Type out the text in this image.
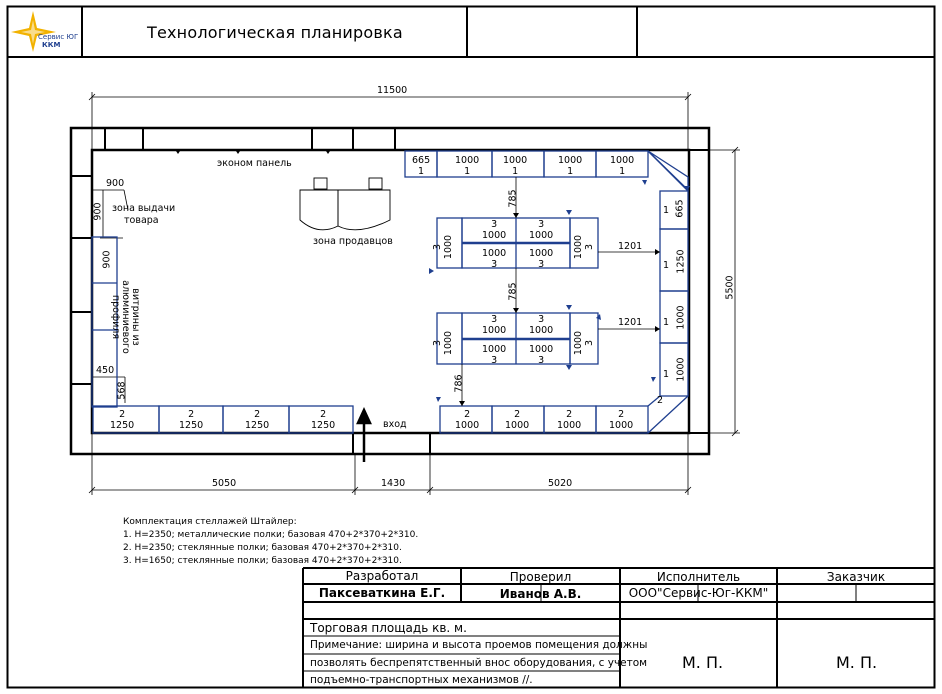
Сервис ЮГ
ККМ
Технологическая планировка
11500
5500
5050	1430	5020
900
900
900
450
568
785
785
786
1201
1201
эконом панель
зона выдачи
товара
зона продавцов
вход
витрины из алюминиевого профиля
665
1
1000
1
1000
1
1000
1
1000
1
665
1
1250
1
1000
1
1000
1
2
2
1250
2
1250
2
1250
2
1250
2
1000
2
1000
2
1000
2
1000
3
1000
3
1000
1000
3
1000
3
3
1000	1000
3
3
1000
3
1000
1000
3
1000
3
3
1000	1000
3
Комплектация стеллажей Штайлер:
1. H=2350; металлические полки; базовая 470+2*370+2*310.
2. H=2350; стеклянные полки; базовая 470+2*370+2*310.
3. H=1650; стеклянные полки; базовая 470+2*370+2*310.
Разработал	Проверил	Исполнитель	Заказчик
Паксеваткина Е.Г.	Иванов А.В.	ООО"Сервис-Юг-ККМ"
Торговая площадь кв. м.
Примечание: ширина и высота проемов помещения должны
позволять беспрепятственный внос оборудования, с учетом
подъемно-транспортных механизмов //.
М. П.	М. П.
